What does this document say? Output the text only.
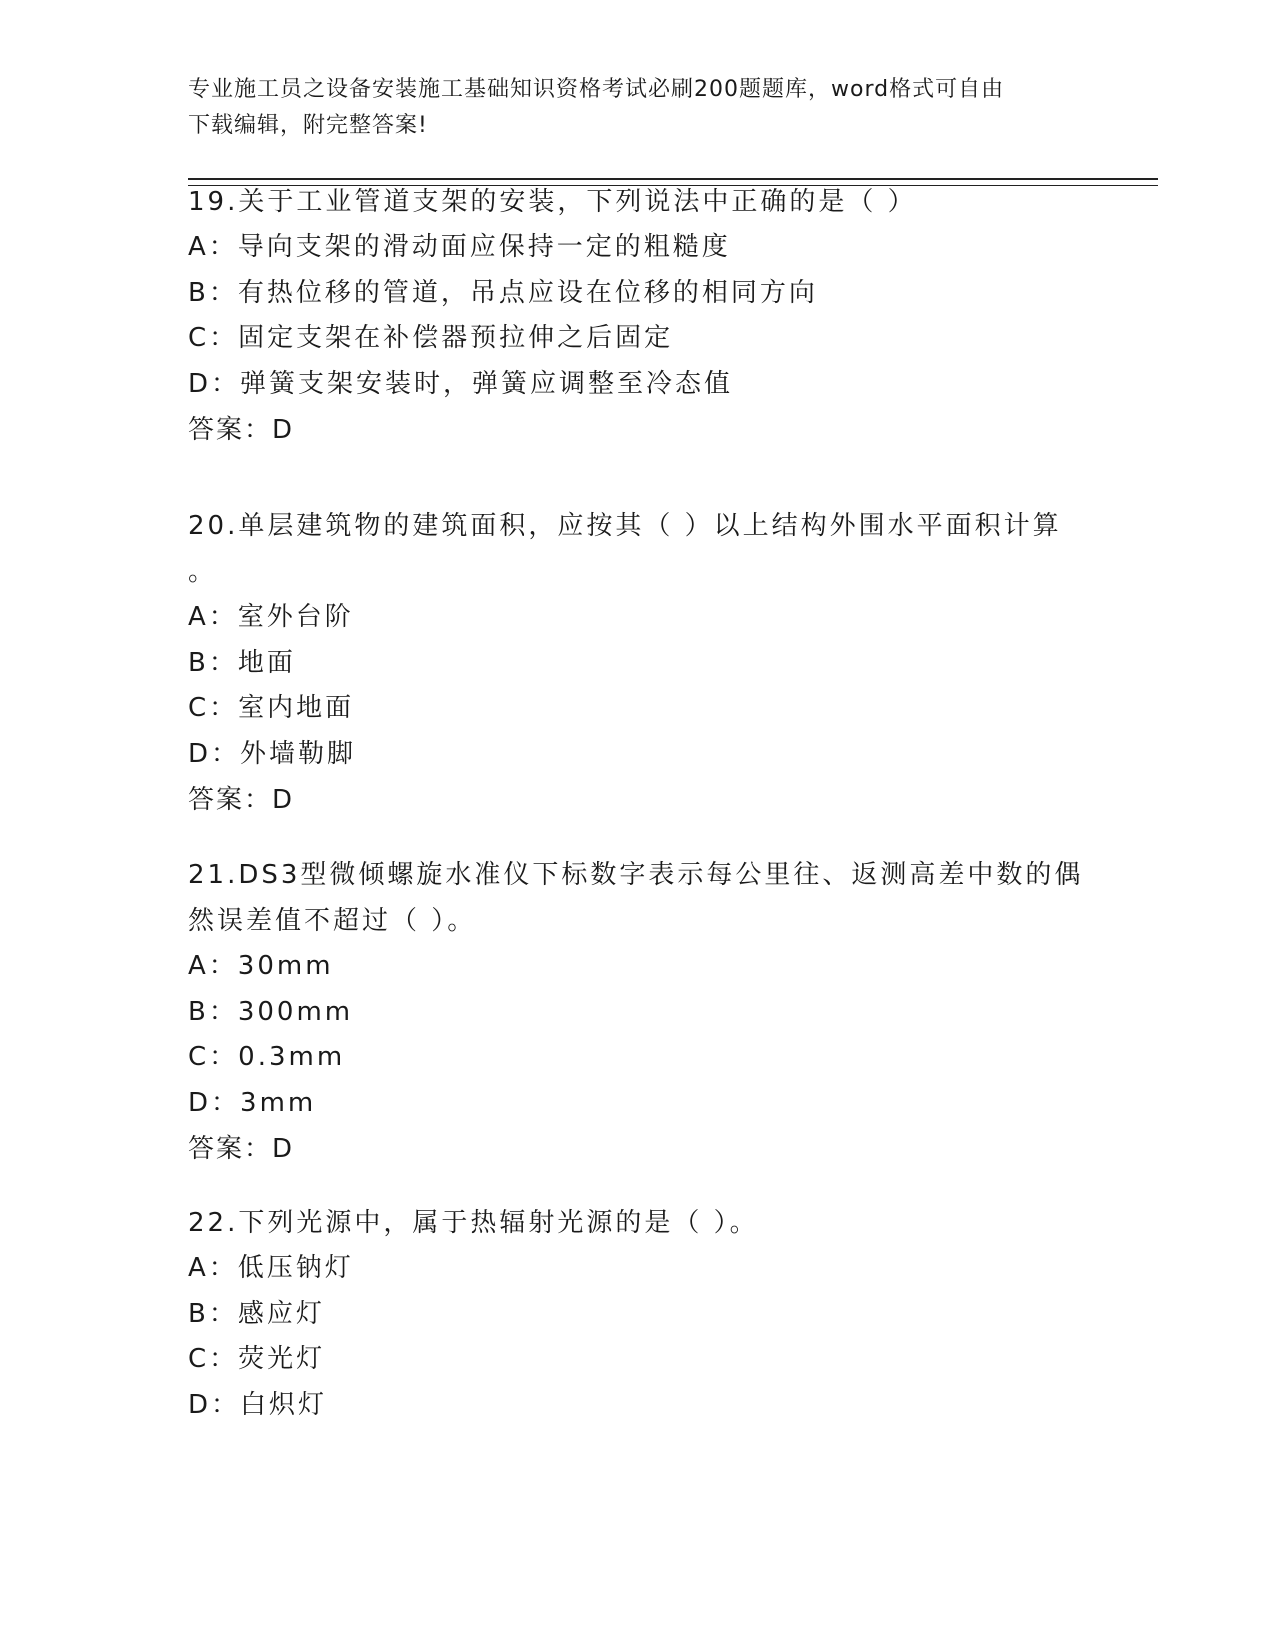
专业施工员之设备安装施工基础知识资格考试必刷200题题库，word格式可自由
下载编辑，附完整答案!
19.关于工业管道支架的安装，下列说法中正确的是（ ）
A：导向支架的滑动面应保持一定的粗糙度
B：有热位移的管道，吊点应设在位移的相同方向
C：固定支架在补偿器预拉伸之后固定
D：弹簧支架安装时，弹簧应调整至冷态值
答案：D
20.单层建筑物的建筑面积，应按其（ ）以上结构外围水平面积计算
。
A：室外台阶
B：地面
C：室内地面
D：外墙勒脚
答案：D
21.DS3型微倾螺旋水准仪下标数字表示每公里往、返测高差中数的偶
然误差值不超过（ ）。
A：30mm
B：300mm
C：0.3mm
D：3mm
答案：D
22.下列光源中，属于热辐射光源的是（ ）。
A：低压钠灯
B：感应灯
C：荧光灯
D：白炽灯
